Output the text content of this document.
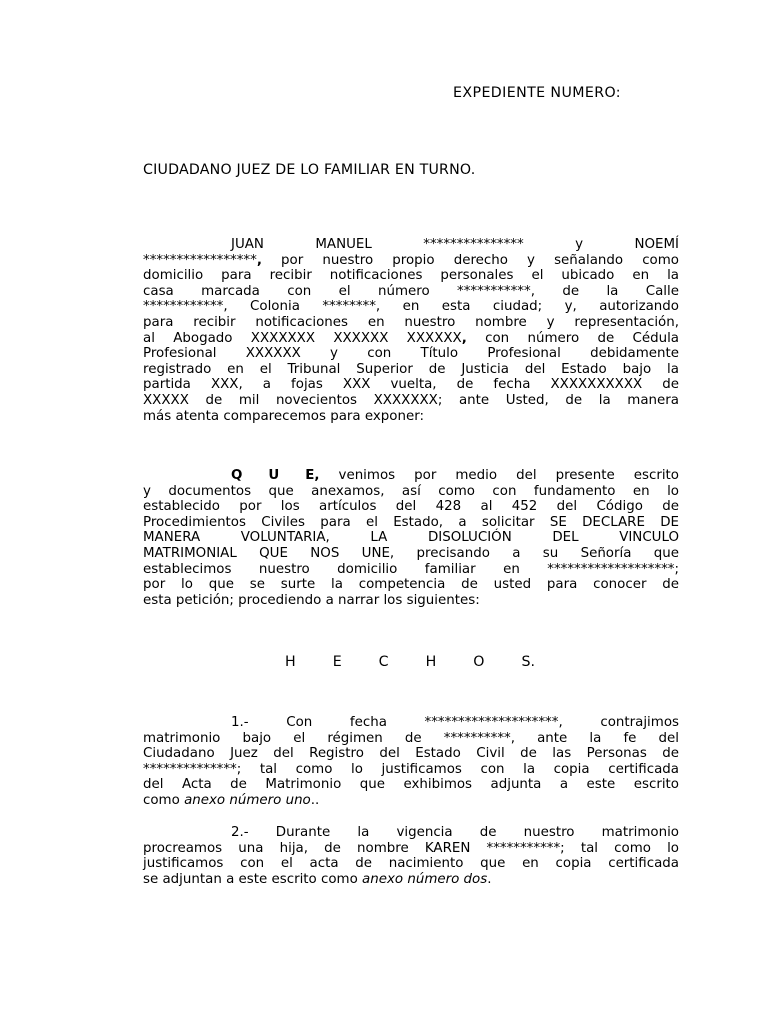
EXPEDIENTE NUMERO:
CIUDADANO JUEZ DE LO FAMILIAR EN TURNO.
JUAN MANUEL *************** y NOEMÍ
*****************, por nuestro propio derecho y señalando como
domicilio para recibir notificaciones personales el ubicado en la
casa marcada con el número ***********, de la Calle
************, Colonia ********, en esta ciudad; y, autorizando
para recibir notificaciones en nuestro nombre y representación,
al Abogado XXXXXXX XXXXXX XXXXXX, con número de Cédula
Profesional XXXXXX y con Título Profesional debidamente
registrado en el Tribunal Superior de Justicia del Estado bajo la
partida XXX, a fojas XXX vuelta, de fecha XXXXXXXXXX de
XXXXX de mil novecientos XXXXXXX; ante Usted, de la manera
más atenta comparecemos para exponer:
Q U E, venimos por medio del presente escrito
y documentos que anexamos, así como con fundamento en lo
establecido por los artículos del 428 al 452 del Código de
Procedimientos Civiles para el Estado, a solicitar SE DECLARE DE
MANERA VOLUNTARIA, LA DISOLUCIÓN DEL VINCULO
MATRIMONIAL QUE NOS UNE, precisando a su Señoría que
establecimos nuestro domicilio familiar en *******************;
por lo que se surte la competencia de usted para conocer de
esta petición; procediendo a narrar los siguientes:
H	E	C	H	O	S.
1.- Con fecha ********************, contrajimos
matrimonio bajo el régimen de **********, ante la fe del
Ciudadano Juez del Registro del Estado Civil de las Personas de
**************; tal como lo justificamos con la copia certificada
del Acta de Matrimonio que exhibimos adjunta a este escrito
como anexo número uno..
2.- Durante la vigencia de nuestro matrimonio
procreamos una hija, de nombre KAREN ***********; tal como lo
justificamos con el acta de nacimiento que en copia certificada
se adjuntan a este escrito como anexo número dos.
